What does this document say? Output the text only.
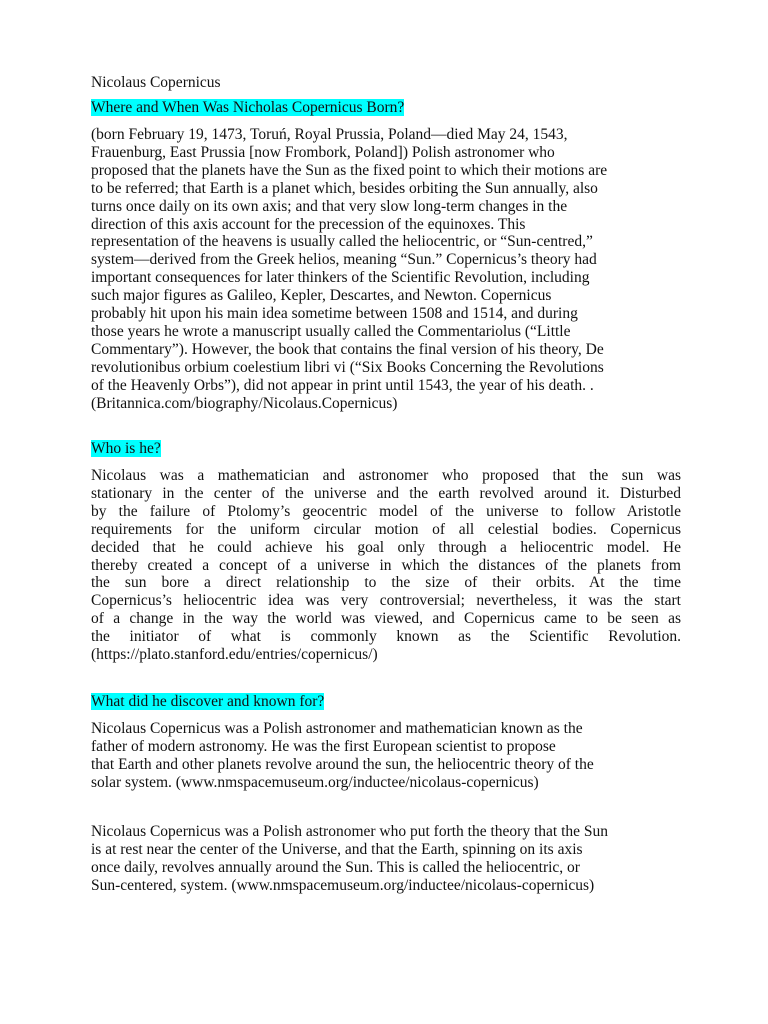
Nicolaus Copernicus
Where and When Was Nicholas Copernicus Born?
(born February 19, 1473, Toruń, Royal Prussia, Poland—died May 24, 1543,
Frauenburg, East Prussia [now Frombork, Poland]) Polish astronomer who
proposed that the planets have the Sun as the fixed point to which their motions are
to be referred; that Earth is a planet which, besides orbiting the Sun annually, also
turns once daily on its own axis; and that very slow long-term changes in the
direction of this axis account for the precession of the equinoxes. This
representation of the heavens is usually called the heliocentric, or “Sun-centred,”
system—derived from the Greek helios, meaning “Sun.” Copernicus’s theory had
important consequences for later thinkers of the Scientific Revolution, including
such major figures as Galileo, Kepler, Descartes, and Newton. Copernicus
probably hit upon his main idea sometime between 1508 and 1514, and during
those years he wrote a manuscript usually called the Commentariolus (“Little
Commentary”). However, the book that contains the final version of his theory, De
revolutionibus orbium coelestium libri vi (“Six Books Concerning the Revolutions
of the Heavenly Orbs”), did not appear in print until 1543, the year of his death. .
(Britannica.com/biography/Nicolaus.Copernicus)
Who is he?
Nicolaus was a mathematician and astronomer who proposed that the sun was
stationary in the center of the universe and the earth revolved around it. Disturbed
by the failure of Ptolomy’s geocentric model of the universe to follow Aristotle
requirements for the uniform circular motion of all celestial bodies. Copernicus
decided that he could achieve his goal only through a heliocentric model. He
thereby created a concept of a universe in which the distances of the planets from
the sun bore a direct relationship to the size of their orbits. At the time
Copernicus’s heliocentric idea was very controversial; nevertheless, it was the start
of a change in the way the world was viewed, and Copernicus came to be seen as
the initiator of what is commonly known as the Scientific Revolution.
(https://plato.stanford.edu/entries/copernicus/)
What did he discover and known for?
Nicolaus Copernicus was a Polish astronomer and mathematician known as the
father of modern astronomy. He was the first European scientist to propose
that Earth and other planets revolve around the sun, the heliocentric theory of the
solar system. (www.nmspacemuseum.org/inductee/nicolaus-copernicus)
Nicolaus Copernicus was a Polish astronomer who put forth the theory that the Sun
is at rest near the center of the Universe, and that the Earth, spinning on its axis
once daily, revolves annually around the Sun. This is called the heliocentric, or
Sun-centered, system. (www.nmspacemuseum.org/inductee/nicolaus-copernicus)
